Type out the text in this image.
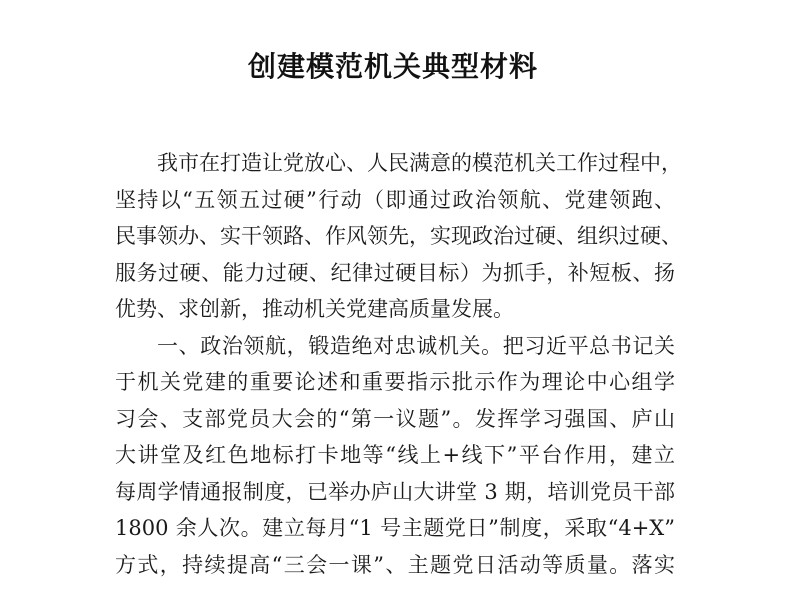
创建模范机关典型材料
我市在打造让党放心、人民满意的模范机关工作过程中，
坚持以“五领五过硬”行动（即通过政治领航、党建领跑、
民事领办、实干领路、作风领先，实现政治过硬、组织过硬、
服务过硬、能力过硬、纪律过硬目标）为抓手，补短板、扬
优势、求创新，推动机关党建高质量发展。
一、政治领航，锻造绝对忠诚机关。把习近平总书记关
于机关党建的重要论述和重要指示批示作为理论中心组学
习会、支部党员大会的“第一议题”。发挥学习强国、庐山
大讲堂及红色地标打卡地等“线上+线下”平台作用，建立
每周学情通报制度，已举办庐山大讲堂 3 期，培训党员干部
1800 余人次。建立每月“1 号主题党日”制度，采取“4+X”
方式，持续提高“三会一课”、主题党日活动等质量。落实
